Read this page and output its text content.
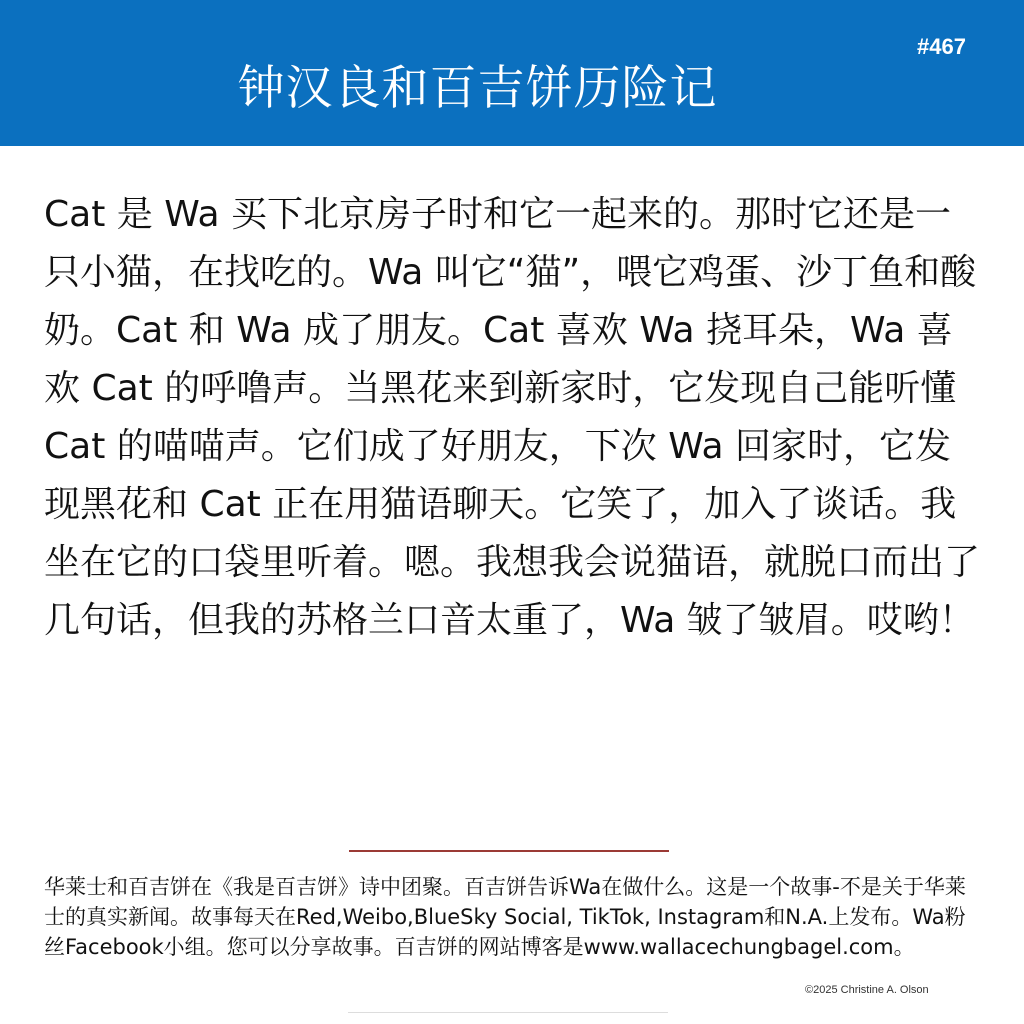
#467
钟汉良和百吉饼历险记

Cat 是 Wa 买下北京房子时和它一起来的。那时它还是一只小猫，在找吃的。Wa 叫它“猫”，喂它鸡蛋、沙丁鱼和酸奶。Cat 和 Wa 成了朋友。Cat 喜欢 Wa 挠耳朵，Wa 喜欢 Cat 的呼噜声。当黑花来到新家时，它发现自己能听懂 Cat 的喵喵声。它们成了好朋友，下次 Wa 回家时，它发现黑花和 Cat 正在用猫语聊天。它笑了，加入了谈话。我坐在它的口袋里听着。嗯。我想我会说猫语，就脱口而出了几句话，但我的苏格兰口音太重了，Wa 皱了皱眉。哎哟！

华莱士和百吉饼在《我是百吉饼》诗中团聚。百吉饼告诉Wa在做什么。这是一个故事-不是关于华莱士的真实新闻。故事每天在Red,Weibo,BlueSky Social, TikTok, Instagram和N.A.上发布。Wa粉丝Facebook小组。您可以分享故事。百吉饼的网站博客是www.wallacechungbagel.com。

©2025 Christine A. Olson
